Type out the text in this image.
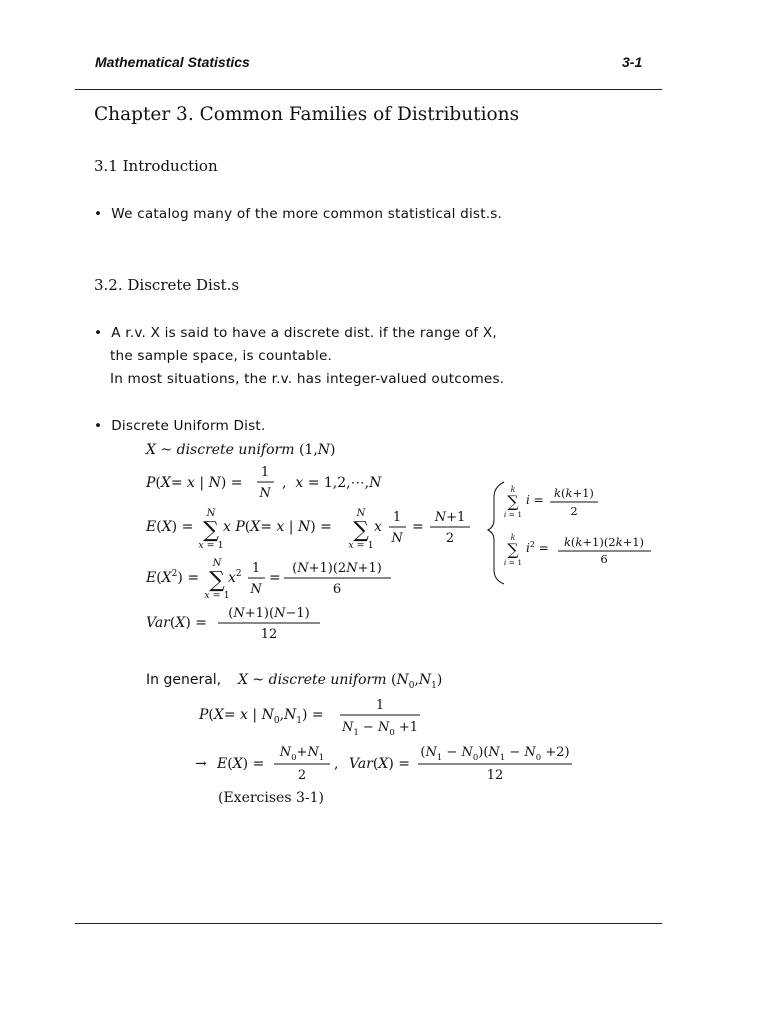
Mathematical Statistics	3-1
Chapter 3. Common Families of Distributions
3.1 Introduction
• We catalog many of the more common statistical dist.s.
3.2. Discrete Dist.s
• A r.v. X is said to have a discrete dist. if the range of X,
the sample space, is countable.
In most situations, the r.v. has integer-valued outcomes.
• Discrete Uniform Dist.
X ~ discrete uniform (1,N)
P(X= x | N) =
1
N
,  x = 1,2,⋯,N
E(X) =
N
∑
x = 1
x P(X= x | N) =
N
∑
x = 1
x
1
N
=
N+1
2
$E(X^2)$ =
N
∑
x = 1
$x^2$ 1
N
=
(N+1)(2N+1)
6
Var(X) =
(N+1)(N−1)
12
k
∑
i = 1
i = k(k+1)
2
k
∑
i = 1
$i^2 = k(k+1)(2k+1)$
6
In general, X ~ discrete uniform $(N_0,N_1)$
P(X= x | $N_0,N_1$) =
1
$N_1 - N_0 +1$
→ E(X) =
$N_0+N_1$
2
, Var(X) =
$(N_1 - N_0)(N_1 - N_0 +2)$
12
(Exercises 3-1)
